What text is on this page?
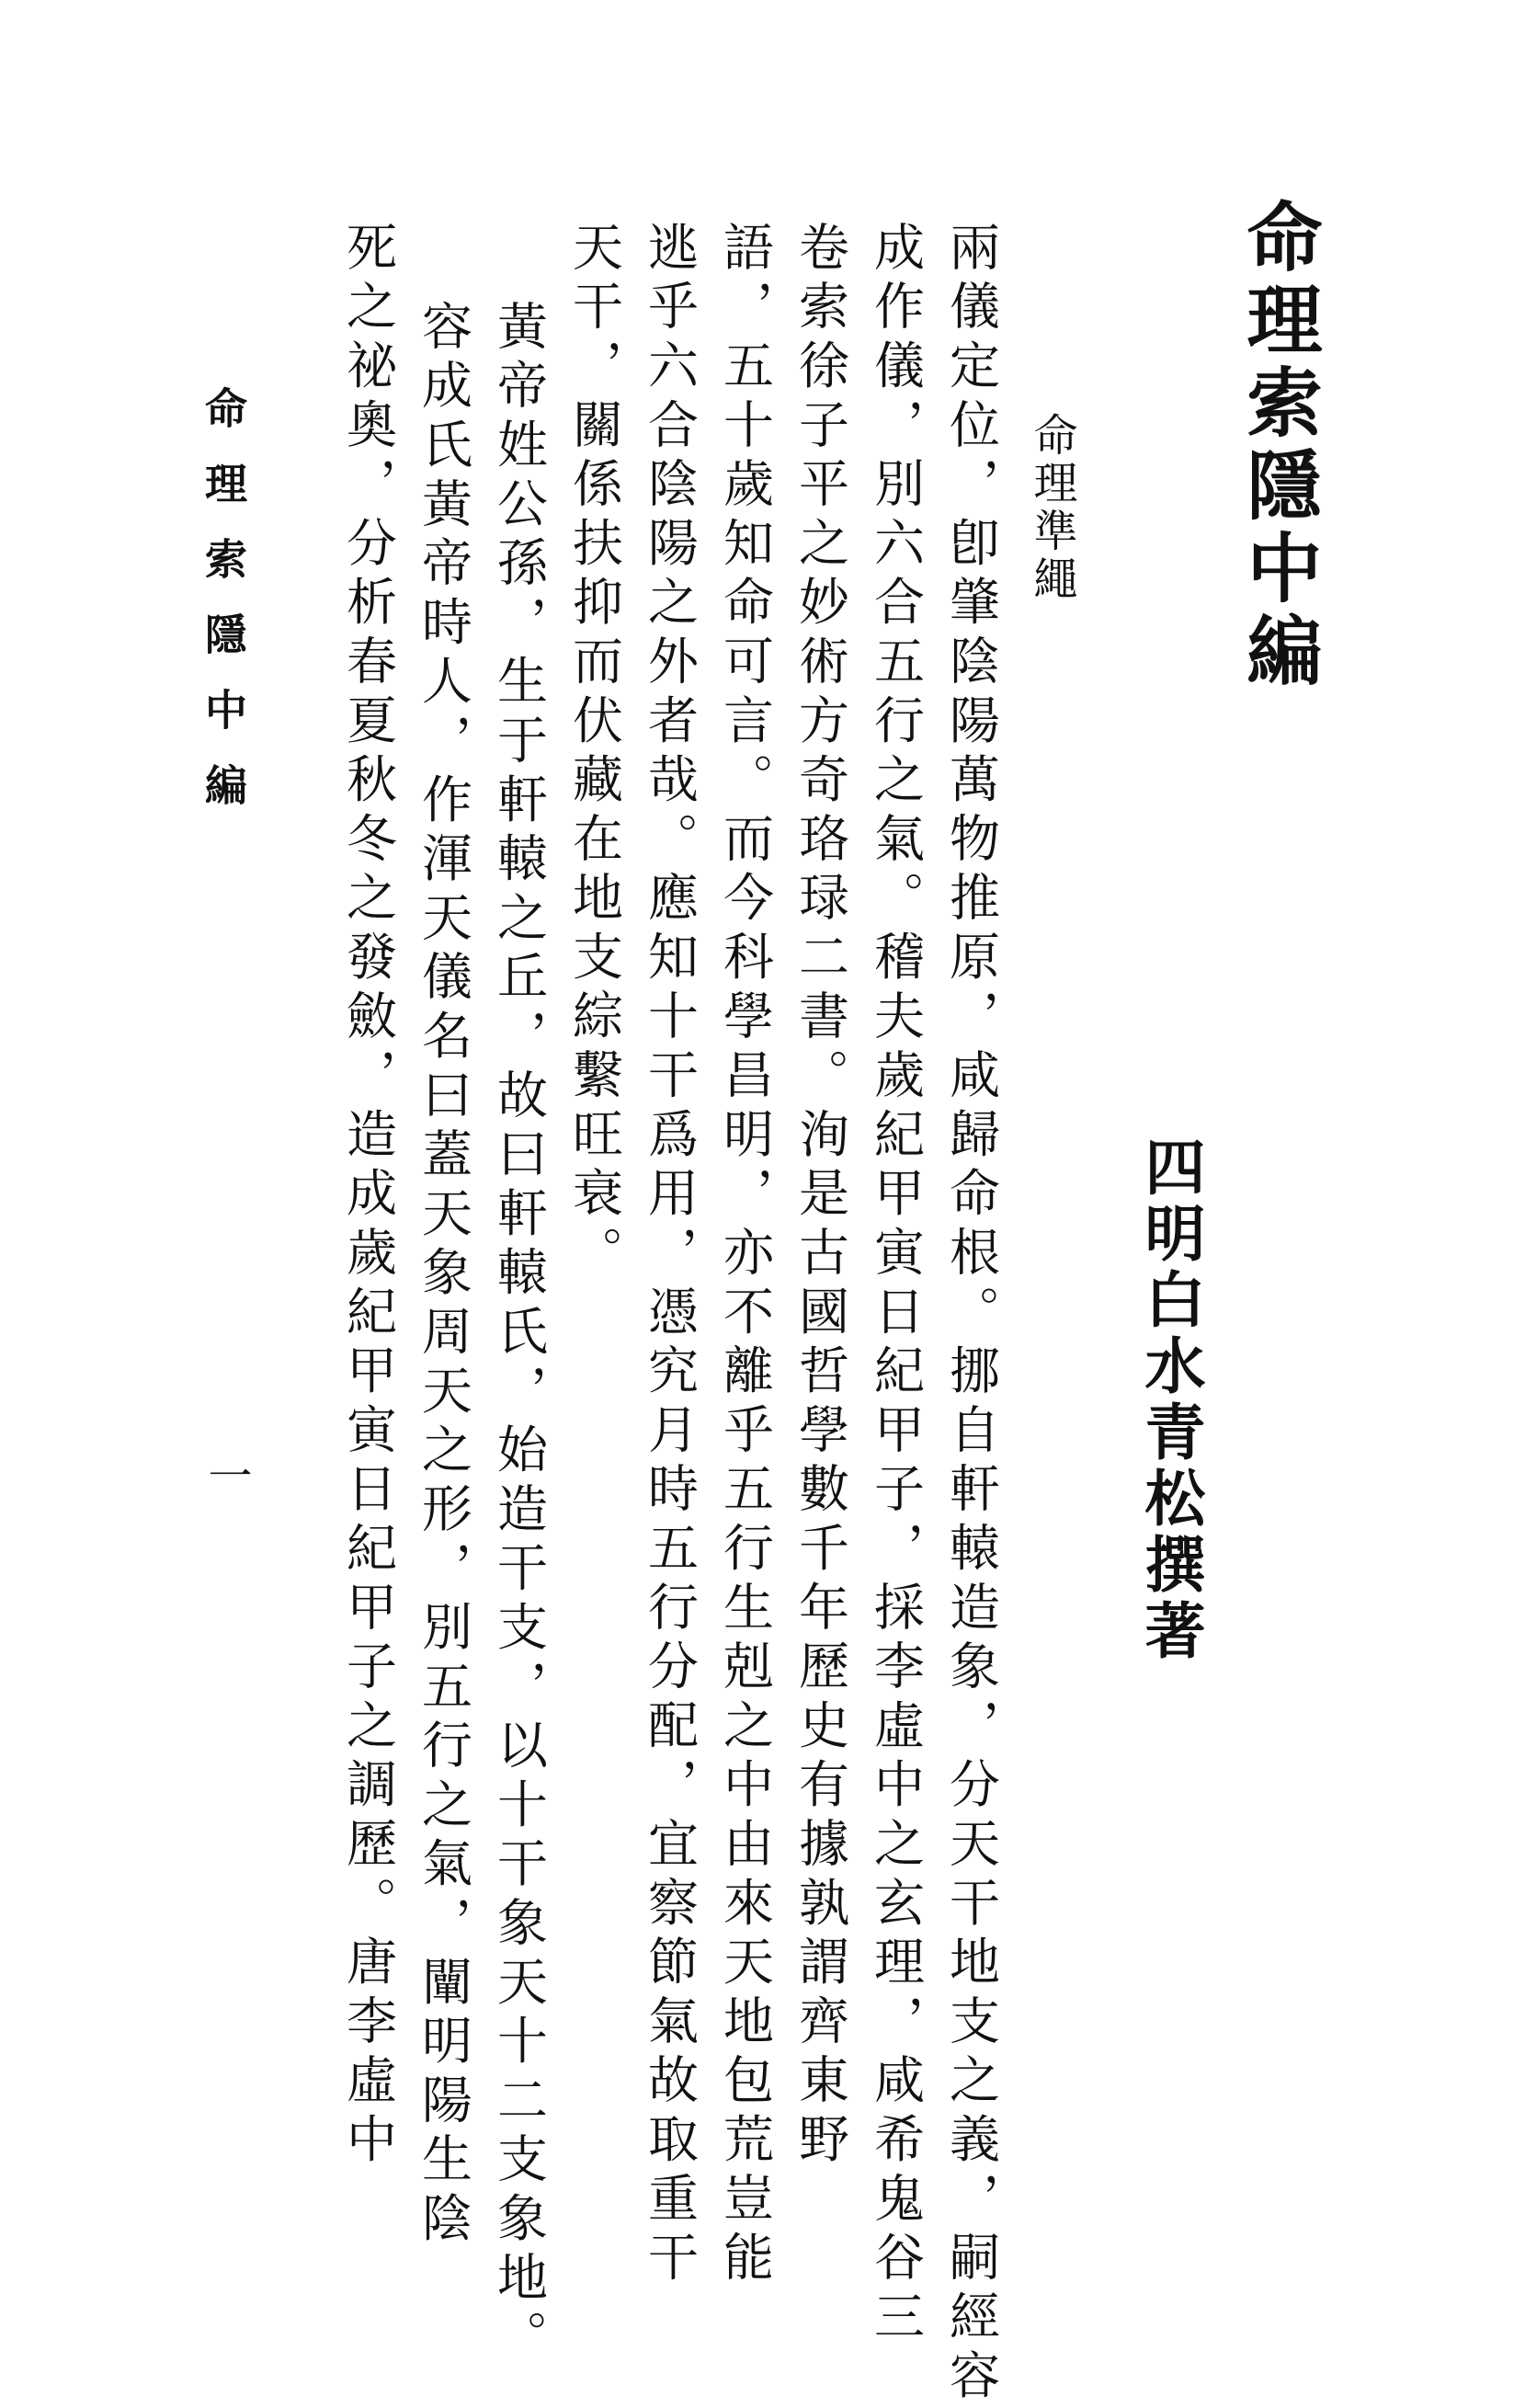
命理索隱中編
四明白水青松撰著
命理準繩
兩儀定位，卽肇陰陽萬物推原，咸歸命根。挪自軒轅造象，分天干地支之義，嗣經容
成作儀，別六合五行之氣。稽夫歲紀甲寅日紀甲子，採李虛中之玄理，咸希鬼谷三
卷索徐子平之妙術方奇珞琭二書。洵是古國哲學數千年歷史有據孰謂齊東野
語，五十歲知命可言。而今科學昌明，亦不離乎五行生剋之中由來天地包荒豈能
逃乎六合陰陽之外者哉。應知十干爲用，憑究月時五行分配，宜察節氣故取重干
天干，關係扶抑而伏藏在地支綜繫旺衰。
黃帝姓公孫，生于軒轅之丘，故曰軒轅氏，始造干支，以十干象天十二支象地。
容成氏黃帝時人，作渾天儀名曰蓋天象周天之形，別五行之氣，闡明陽生陰
死之祕奧，分析春夏秋冬之發斂，造成歲紀甲寅日紀甲子之調歷。唐李虛中
命理索隱中編
一
